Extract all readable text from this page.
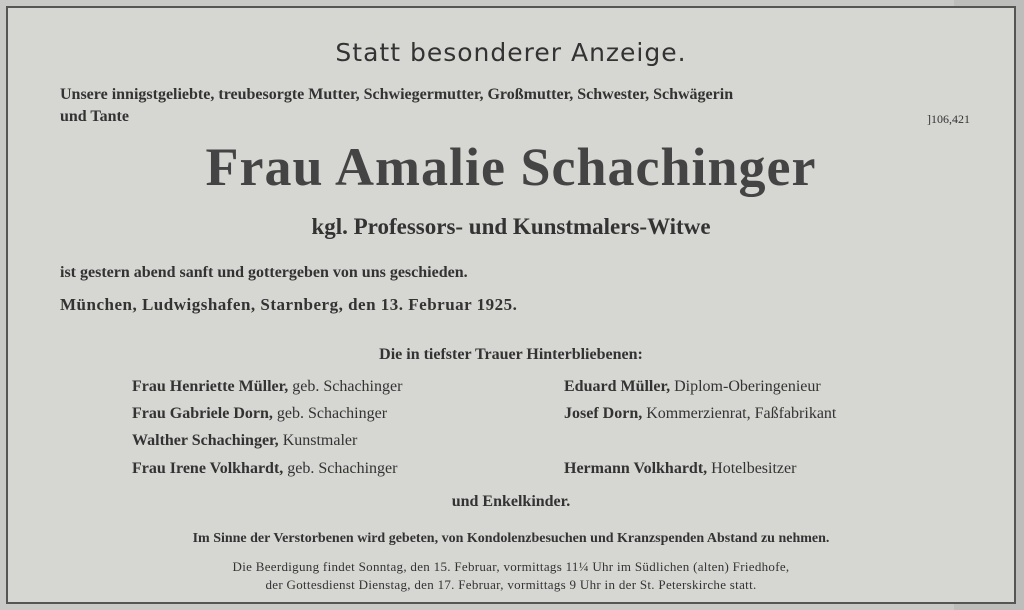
Statt besonderer Anzeige.
Unsere innigstgeliebte, treubesorgte Mutter, Schwiegermutter, Großmutter, Schwester, Schwägerin
und Tante	]106,421
Frau Amalie Schachinger
kgl. Professors- und Kunstmalers-Witwe
ist gestern abend sanft und gottergeben von uns geschieden.
München, Ludwigshafen, Starnberg, den 13. Februar 1925.
Die in tiefster Trauer Hinterbliebenen:
Frau Henriette Müller, geb. Schachinger	Eduard Müller, Diplom-Oberingenieur
Frau Gabriele Dorn, geb. Schachinger	Josef Dorn, Kommerzienrat, Faßfabrikant
Walther Schachinger, Kunstmaler
Frau Irene Volkhardt, geb. Schachinger	Hermann Volkhardt, Hotelbesitzer
und Enkelkinder.
Im Sinne der Verstorbenen wird gebeten, von Kondolenzbesuchen und Kranzspenden Abstand zu nehmen.
Die Beerdigung findet Sonntag, den 15. Februar, vormittags 11¼ Uhr im Südlichen (alten) Friedhofe,
der Gottesdienst Dienstag, den 17. Februar, vormittags 9 Uhr in der St. Peterskirche statt.
